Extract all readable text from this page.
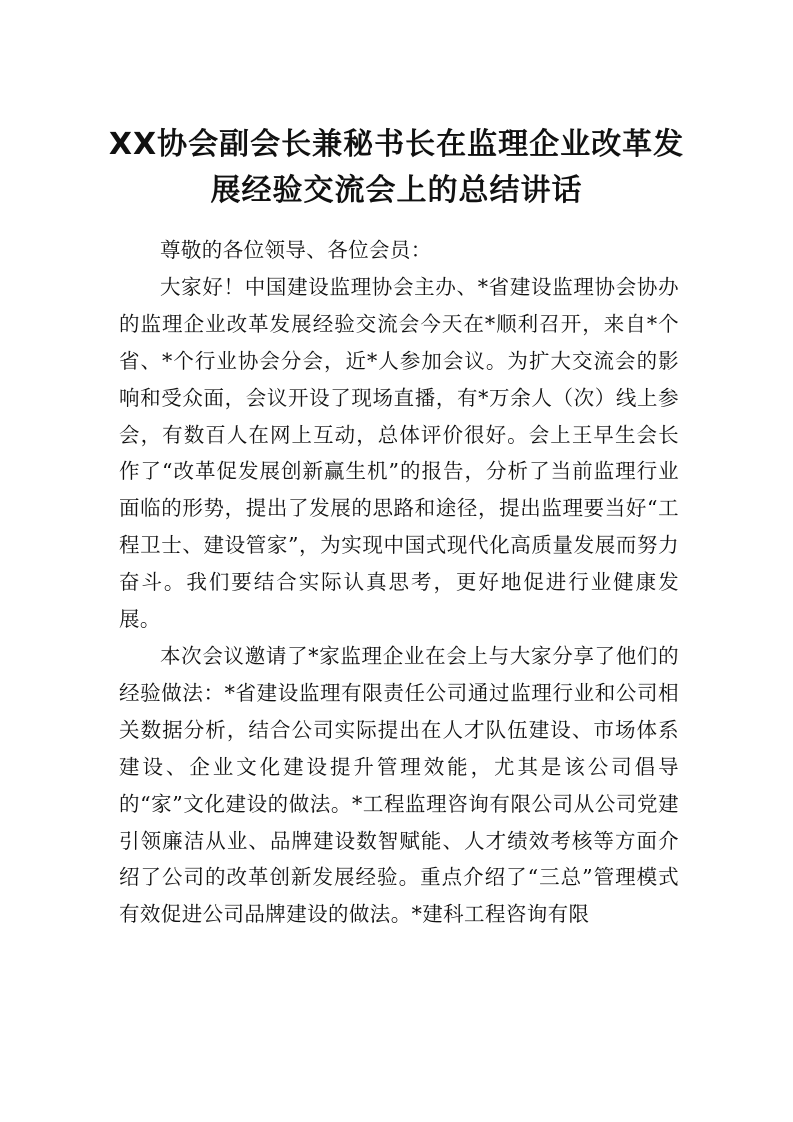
XX协会副会长兼秘书长在监理企业改革发
展经验交流会上的总结讲话

尊敬的各位领导、各位会员：

大家好！中国建设监理协会主办、*省建设监理协会协办的监理企业改革发展经验交流会今天在*顺利召开，来自*个省、*个行业协会分会，近*人参加会议。为扩大交流会的影响和受众面，会议开设了现场直播，有*万余人（次）线上参会，有数百人在网上互动，总体评价很好。会上王早生会长作了“改革促发展创新赢生机”的报告，分析了当前监理行业面临的形势，提出了发展的思路和途径，提出监理要当好“工程卫士、建设管家”，为实现中国式现代化高质量发展而努力奋斗。我们要结合实际认真思考，更好地促进行业健康发展。

本次会议邀请了*家监理企业在会上与大家分享了他们的经验做法：*省建设监理有限责任公司通过监理行业和公司相关数据分析，结合公司实际提出在人才队伍建设、市场体系建设、企业文化建设提升管理效能，尤其是该公司倡导的“家”文化建设的做法。*工程监理咨询有限公司从公司党建引领廉洁从业、品牌建设数智赋能、人才绩效考核等方面介绍了公司的改革创新发展经验。重点介绍了“三总”管理模式有效促进公司品牌建设的做法。*建科工程咨询有限
